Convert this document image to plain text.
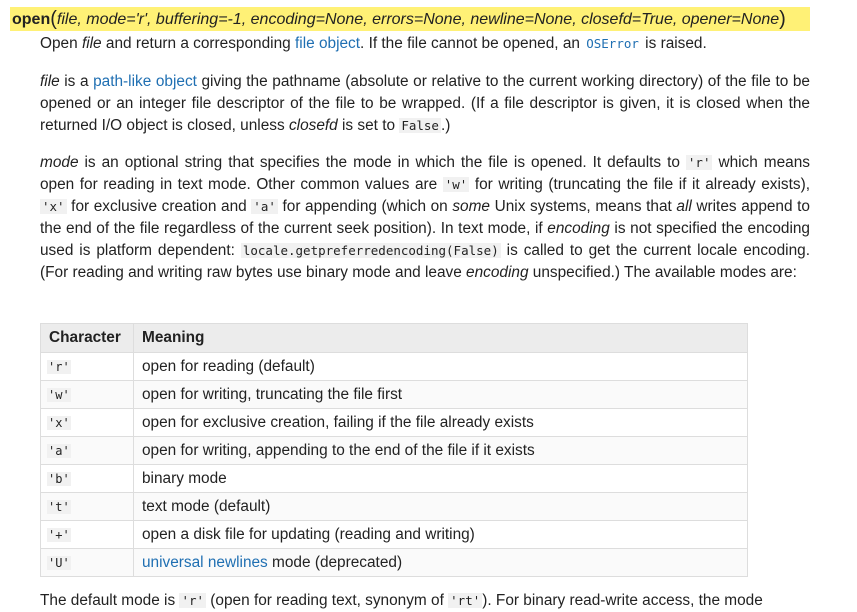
open(file, mode='r', buffering=-1, encoding=None, errors=None, newline=None, closefd=True, opener=None)

Open file and return a corresponding file object. If the file cannot be opened, an OSError is raised.

file is a path-like object giving the pathname (absolute or relative to the current working directory) of the file to be opened or an integer file descriptor of the file to be wrapped. (If a file descriptor is given, it is closed when the returned I/O object is closed, unless closefd is set to False .)

mode is an optional string that specifies the mode in which the file is opened. It defaults to 'r' which means open for reading in text mode. Other common values are 'w' for writing (truncating the file if it already exists), 'x' for exclusive creation and 'a' for appending (which on some Unix systems, means that all writes append to the end of the file regardless of the current seek position). In text mode, if encoding is not specified the encoding used is platform dependent: locale.getpreferredencoding(False) is called to get the current locale encoding. (For reading and writing raw bytes use binary mode and leave encoding unspecified.) The available modes are:

Character	Meaning
'r'	open for reading (default)
'w'	open for writing, truncating the file first
'x'	open for exclusive creation, failing if the file already exists
'a'	open for writing, appending to the end of the file if it exists
'b'	binary mode
't'	text mode (default)
'+'	open a disk file for updating (reading and writing)
'U'	universal newlines mode (deprecated)

The default mode is 'r' (open for reading text, synonym of 'rt' ). For binary read-write access, the mode
